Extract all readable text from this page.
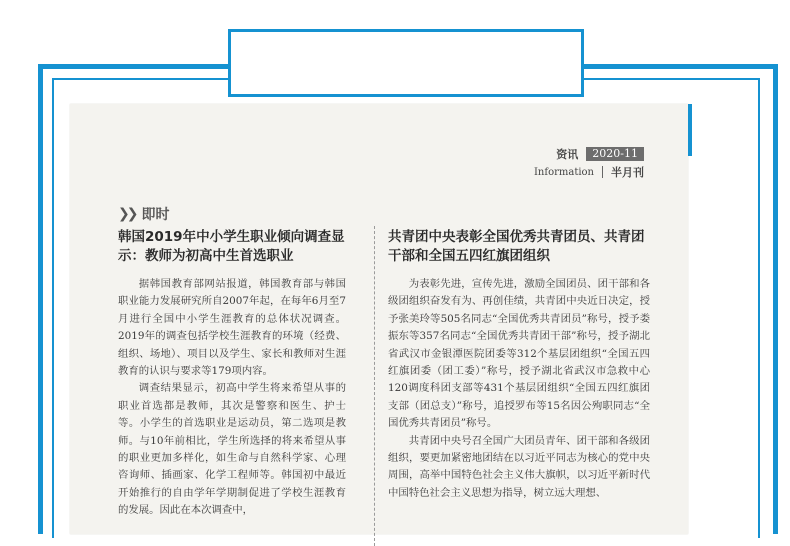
资讯	2020-11
Information 半月刊
❯❯ 即时
韩国2019年中小学生职业倾向调查显示：教师为初高中生首选职业

据韩国教育部网站报道，韩国教育部与韩国职业能力发展研究所自2007年起，在每年6月至7月进行全国中小学生涯教育的总体状况调查。2019年的调查包括学校生涯教育的环境（经费、组织、场地）、项目以及学生、家长和教师对生涯教育的认识与要求等179项内容。

调查结果显示，初高中学生将来希望从事的职业首选都是教师，其次是警察和医生、护士等。小学生的首选职业是运动员，第二选项是教师。与10年前相比，学生所选择的将来希望从事的职业更加多样化，如生命与自然科学家、心理咨询师、插画家、化学工程师等。韩国初中最近开始推行的自由学年学期制促进了学校生涯教育的发展。因此在本次调查中，

共青团中央表彰全国优秀共青团员、共青团干部和全国五四红旗团组织

为表彰先进，宣传先进，激励全国团员、团干部和各级团组织奋发有为、再创佳绩，共青团中央近日决定，授予张美玲等505名同志“全国优秀共青团员”称号，授予娄振东等357名同志“全国优秀共青团干部”称号，授予湖北省武汉市金银潭医院团委等312个基层团组织“全国五四红旗团委（团工委）”称号，授予湖北省武汉市急救中心120调度科团支部等431个基层团组织“全国五四红旗团支部（团总支）”称号，追授罗布等15名因公殉职同志“全国优秀共青团员”称号。

共青团中央号召全国广大团员青年、团干部和各级团组织，要更加紧密地团结在以习近平同志为核心的党中央周围，高举中国特色社会主义伟大旗帜，以习近平新时代中国特色社会主义思想为指导，树立远大理想、
